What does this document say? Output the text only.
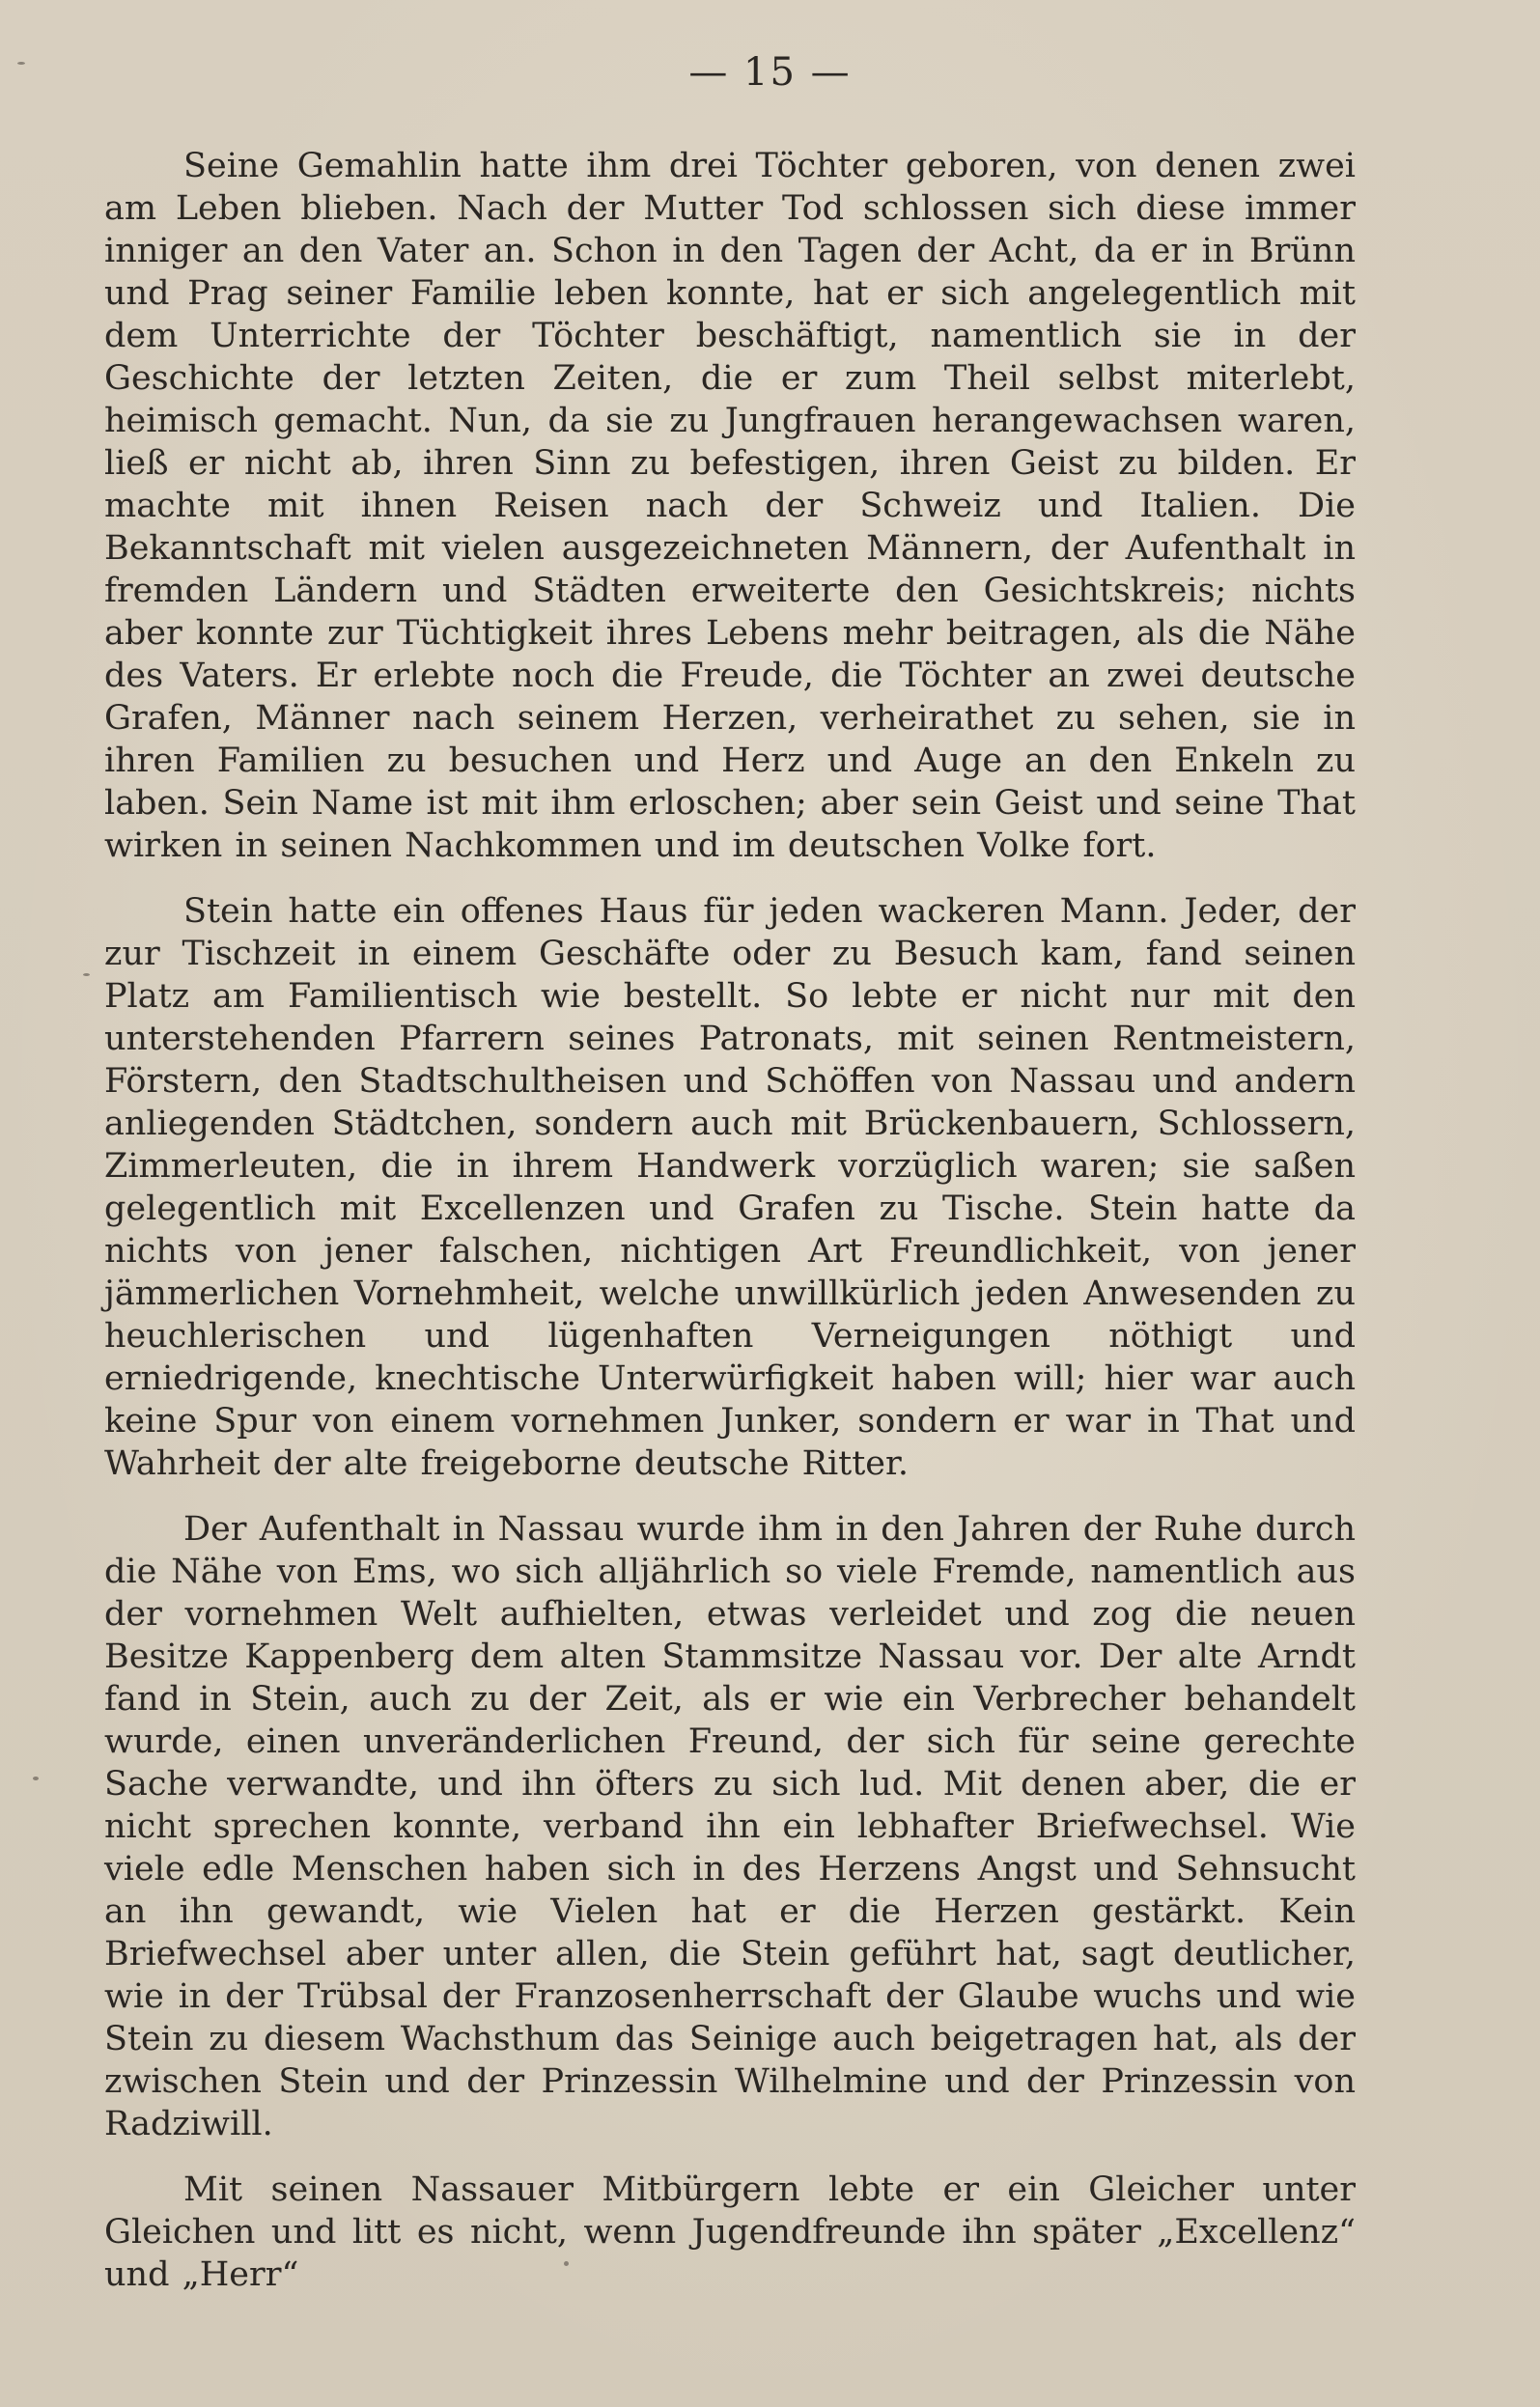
— 15 —

Seine Gemahlin hatte ihm drei Töchter geboren, von denen zwei am Leben blieben. Nach der Mutter Tod schlossen sich diese immer inniger an den Vater an. Schon in den Tagen der Acht, da er in Brünn und Prag seiner Familie leben konnte, hat er sich angelegentlich mit dem Unterrichte der Töchter beschäftigt, namentlich sie in der Geschichte der letzten Zeiten, die er zum Theil selbst miterlebt, heimisch gemacht. Nun, da sie zu Jungfrauen herangewachsen waren, ließ er nicht ab, ihren Sinn zu befestigen, ihren Geist zu bilden. Er machte mit ihnen Reisen nach der Schweiz und Italien. Die Bekanntschaft mit vielen ausgezeichneten Männern, der Aufenthalt in fremden Ländern und Städten erweiterte den Gesichtskreis; nichts aber konnte zur Tüchtigkeit ihres Lebens mehr beitragen, als die Nähe des Vaters. Er erlebte noch die Freude, die Töchter an zwei deutsche Grafen, Männer nach seinem Herzen, verheirathet zu sehen, sie in ihren Familien zu besuchen und Herz und Auge an den Enkeln zu laben. Sein Name ist mit ihm erloschen; aber sein Geist und seine That wirken in seinen Nachkommen und im deutschen Volke fort.

Stein hatte ein offenes Haus für jeden wackeren Mann. Jeder, der zur Tischzeit in einem Geschäfte oder zu Besuch kam, fand seinen Platz am Familientisch wie bestellt. So lebte er nicht nur mit den unterstehenden Pfarrern seines Patronats, mit seinen Rentmeistern, Förstern, den Stadtschultheisen und Schöffen von Nassau und andern anliegenden Städtchen, sondern auch mit Brückenbauern, Schlossern, Zimmerleuten, die in ihrem Handwerk vorzüglich waren; sie saßen gelegentlich mit Excellenzen und Grafen zu Tische. Stein hatte da nichts von jener falschen, nichtigen Art Freundlichkeit, von jener jämmerlichen Vornehmheit, welche unwillkürlich jeden Anwesenden zu heuchlerischen und lügenhaften Verneigungen nöthigt und erniedrigende, knechtische Unterwürfigkeit haben will; hier war auch keine Spur von einem vornehmen Junker, sondern er war in That und Wahrheit der alte freigeborne deutsche Ritter.

Der Aufenthalt in Nassau wurde ihm in den Jahren der Ruhe durch die Nähe von Ems, wo sich alljährlich so viele Fremde, namentlich aus der vornehmen Welt aufhielten, etwas verleidet und zog die neuen Besitze Kappenberg dem alten Stammsitze Nassau vor. Der alte Arndt fand in Stein, auch zu der Zeit, als er wie ein Verbrecher behandelt wurde, einen unveränderlichen Freund, der sich für seine gerechte Sache verwandte, und ihn öfters zu sich lud. Mit denen aber, die er nicht sprechen konnte, verband ihn ein lebhafter Briefwechsel. Wie viele edle Menschen haben sich in des Herzens Angst und Sehnsucht an ihn gewandt, wie Vielen hat er die Herzen gestärkt. Kein Briefwechsel aber unter allen, die Stein geführt hat, sagt deutlicher, wie in der Trübsal der Franzosenherrschaft der Glaube wuchs und wie Stein zu diesem Wachsthum das Seinige auch beigetragen hat, als der zwischen Stein und der Prinzessin Wilhelmine und der Prinzessin von Radziwill.

Mit seinen Nassauer Mitbürgern lebte er ein Gleicher unter Gleichen und litt es nicht, wenn Jugendfreunde ihn später „Excellenz“ und „Herr“
